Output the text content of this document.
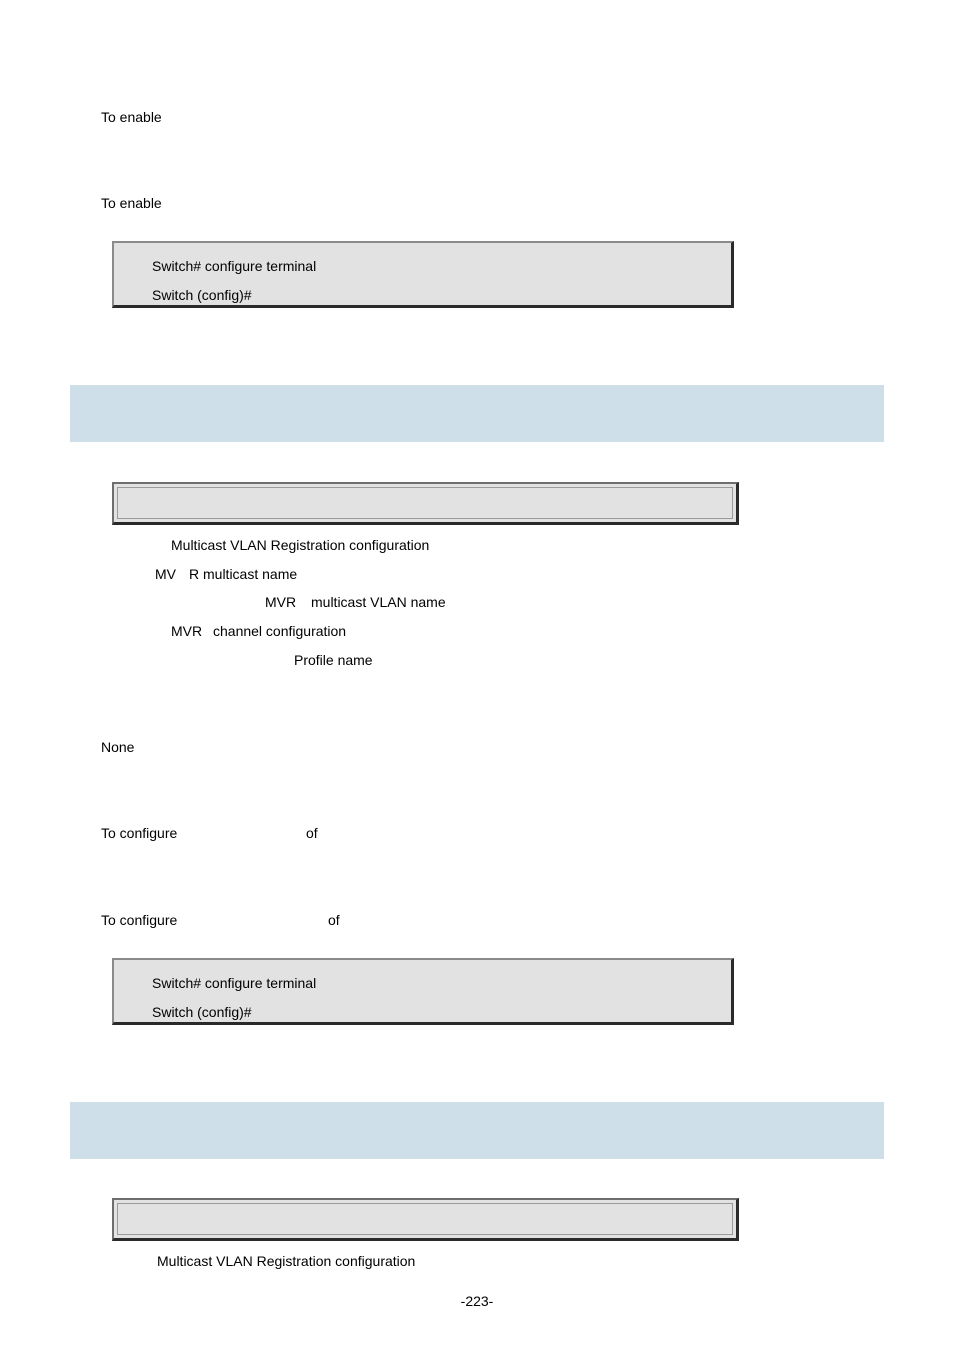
To enable
To enable
Switch# configure terminal
Switch (config)#
Multicast VLAN Registration configuration
MV R multicast name
MVR multicast VLAN name
MVR channel configuration
Profile name
None
To configure	of
To configure	of
Switch# configure terminal
Switch (config)#
Multicast VLAN Registration configuration
-223-
